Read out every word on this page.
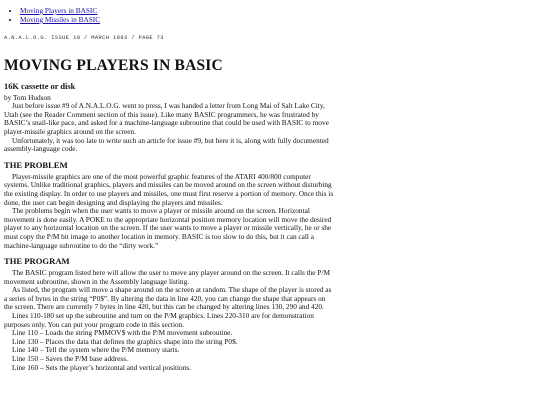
• Moving Players in BASIC
• Moving Missiles in BASIC
A.N.A.L.O.G. ISSUE 10 / MARCH 1983 / PAGE 73
MOVING PLAYERS IN BASIC
16K cassette or disk

by Tom Hudson

Just before issue #9 of A.N.A.L.O.G. went to press, I was handed a letter from Long Mai of Salt Lake City, Utah (see the Reader Comment section of this issue). Like many BASIC programmers, he was frustrated by BASIC’s snail-like pace, and asked for a machine-language subroutine that could be used with BASIC to move player-missile graphics around on the screen.

Unfortunately, it was too late to write such an article for issue #9, but here it is, along with fully documented assembly-language code.

THE PROBLEM

Player-missile graphics are one of the most powerful graphic features of the ATARI 400/800 computer systems. Unlike traditional graphics, players and missiles can be moved around on the screen without disturbing the existing display. In order to use players and missiles, one must first reserve a portion of memory. Once this is done, the user can begin designing and displaying the players and missiles.

The problems begin when the user wants to move a player or missile around on the screen. Horizontal movement is done easily. A POKE to the appropriate horizontal position memory location will move the desired player to any horizontal location on the screen. If the user wants to move a player or missile vertically, he or she must copy the P/M bit image to another location in memory. BASIC is too slow to do this, but it can call a machine-language subroutine to do the “dirty work.”

THE PROGRAM

The BASIC program listed here will allow the user to move any player around on the screen. It calls the P/M movement subroutine, shown in the Assembly language listing.

As listed, the program will move a shape around on the screen at random. The shape of the player is stored as a series of bytes in the string “P0$”. By altering the data in line 420, you can change the shape that appears on the screen. There are currently 7 bytes in line 420, but this can be changed by altering lines 130, 290 and 420.

Lines 110-180 set up the subroutine and turn on the P/M graphics. Lines 220-310 are for demonstration purposes only. You can put your program code in this section.

Line 110 – Loads the string PMMOV$ with the P/M movement subroutine.

Line 130 – Places the data that defines the graphics shape into the string P0$.

Line 140 – Tell the system where the P/M memory starts.

Line 150 – Saves the P/M base address.

Line 160 – Sets the player’s horizontal and vertical positions.
